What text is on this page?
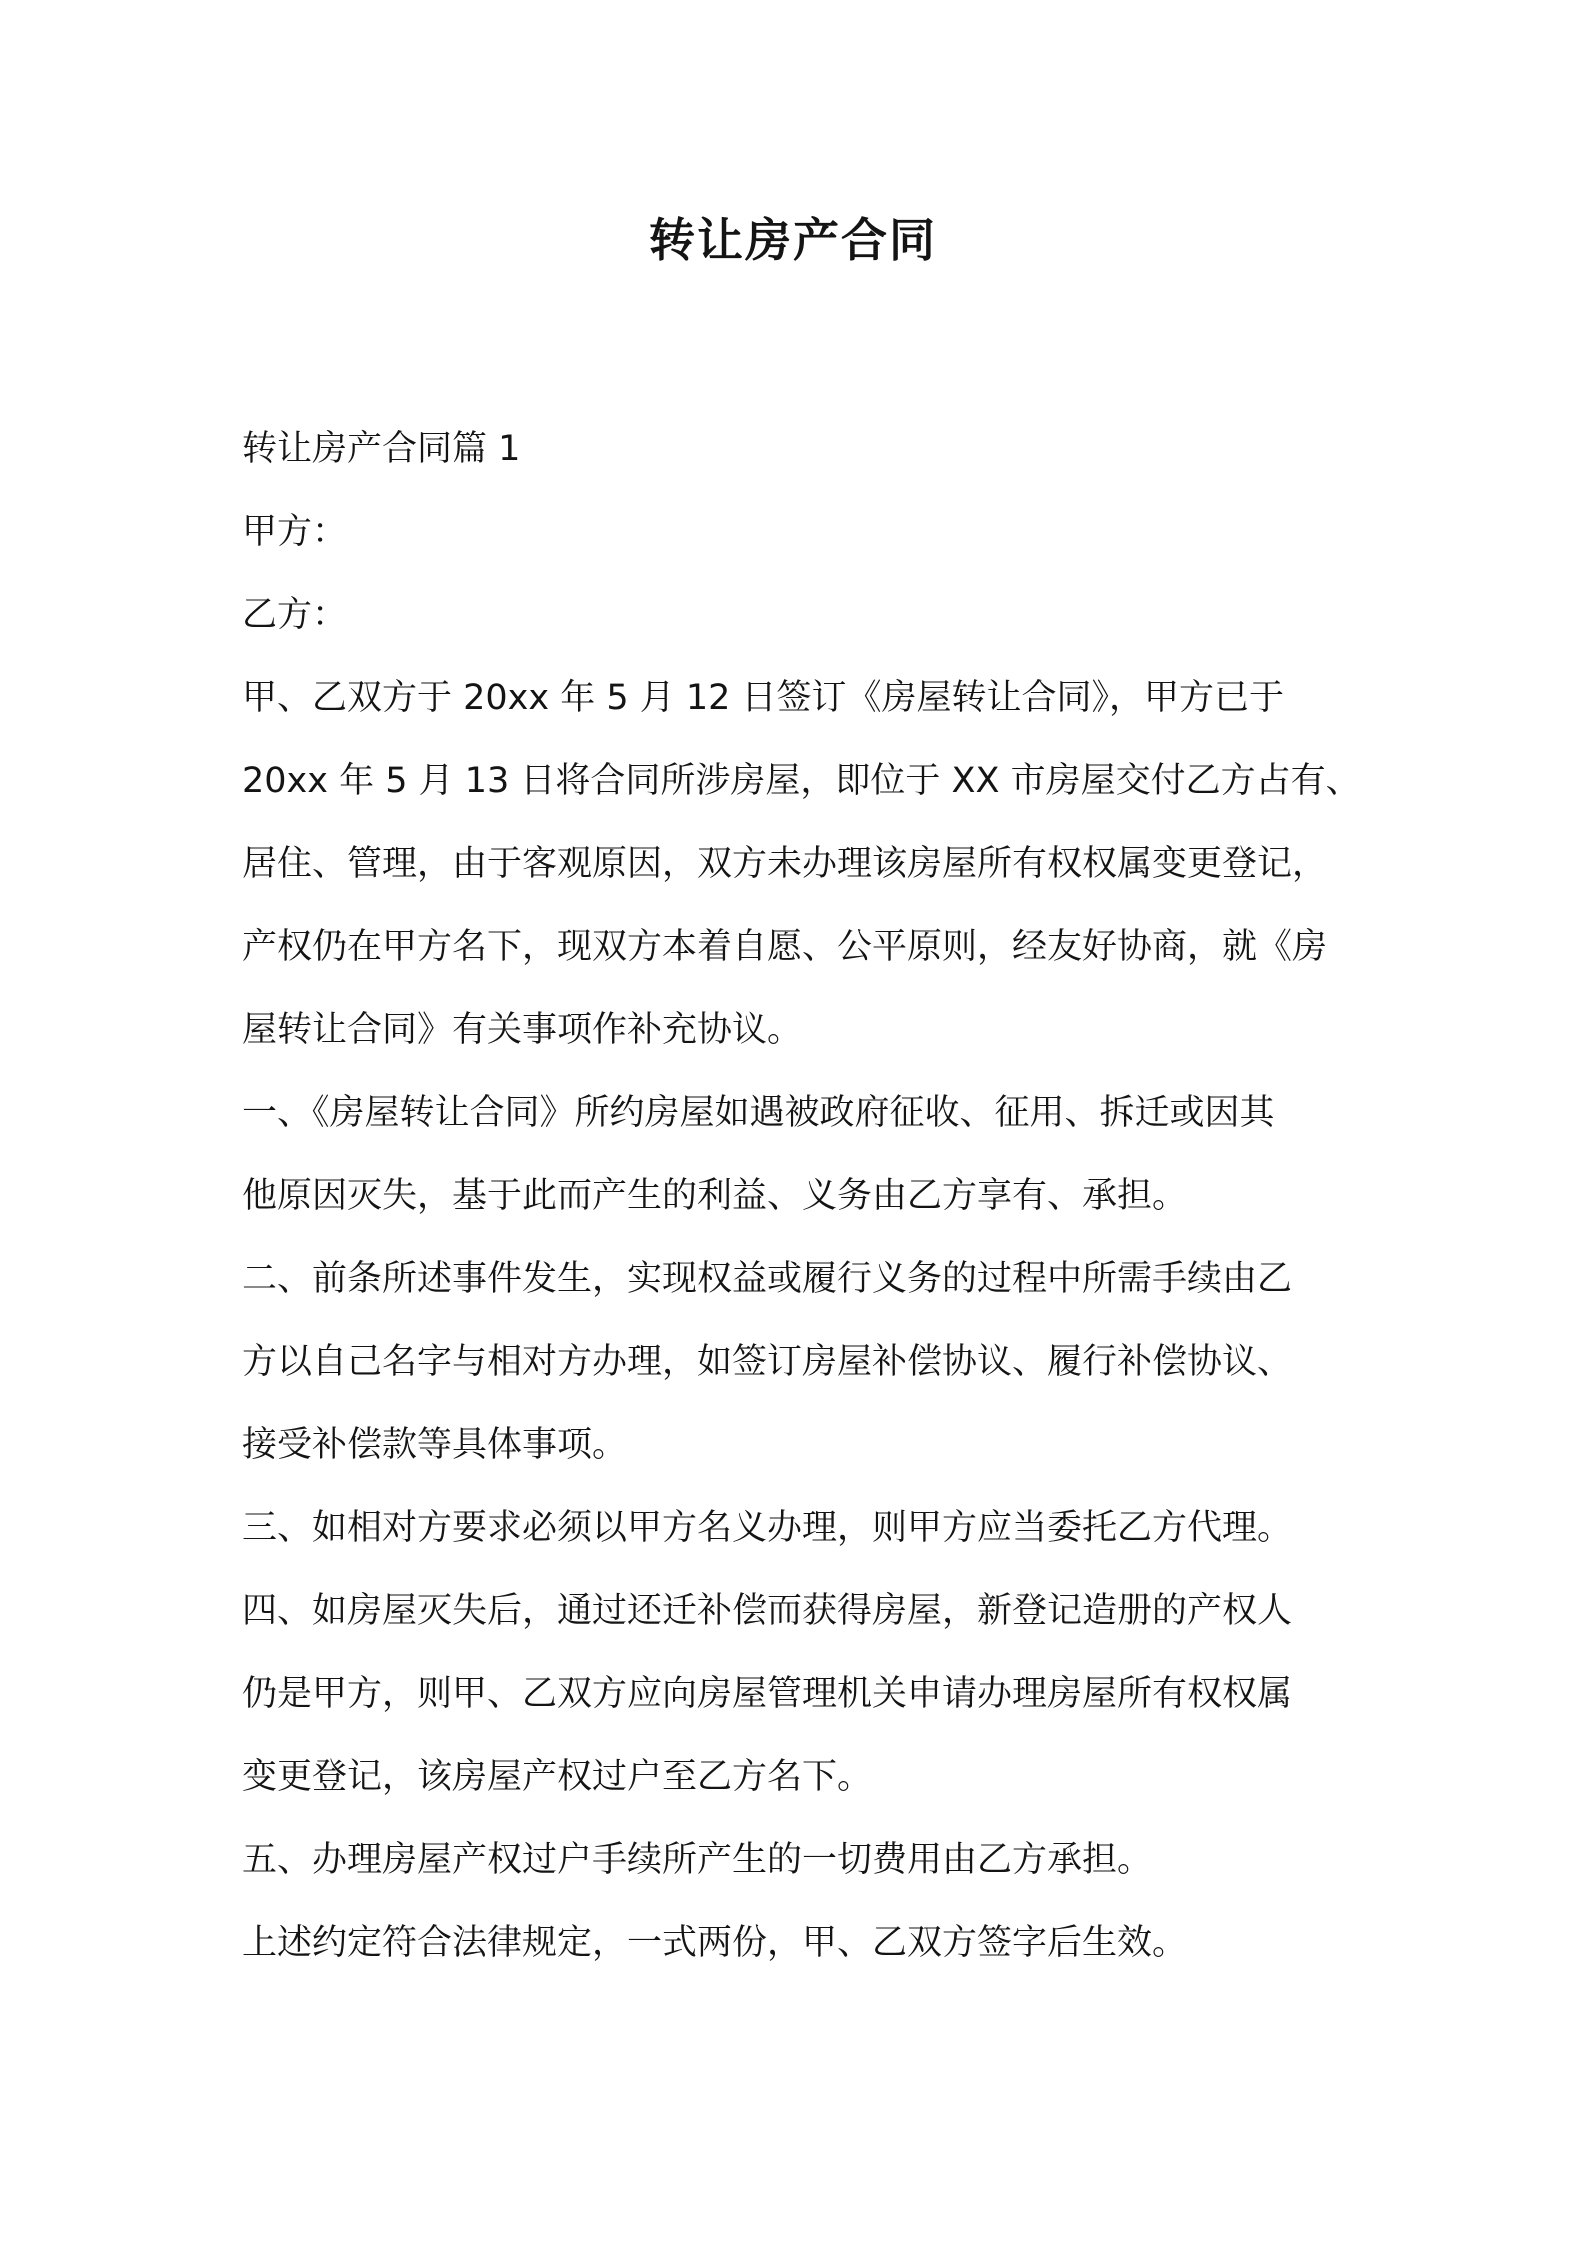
转让房产合同

转让房产合同篇 1

甲方：

乙方：

甲、乙双方于 20xx 年 5 月 12 日签订《房屋转让合同》，甲方已于

20xx 年 5 月 13 日将合同所涉房屋，即位于 XX 市房屋交付乙方占有、

居住、管理，由于客观原因，双方未办理该房屋所有权权属变更登记，

产权仍在甲方名下，现双方本着自愿、公平原则，经友好协商，就《房

屋转让合同》有关事项作补充协议。

一、《房屋转让合同》所约房屋如遇被政府征收、征用、拆迁或因其

他原因灭失，基于此而产生的利益、义务由乙方享有、承担。

二、前条所述事件发生，实现权益或履行义务的过程中所需手续由乙

方以自己名字与相对方办理，如签订房屋补偿协议、履行补偿协议、

接受补偿款等具体事项。

三、如相对方要求必须以甲方名义办理，则甲方应当委托乙方代理。

四、如房屋灭失后，通过还迁补偿而获得房屋，新登记造册的产权人

仍是甲方，则甲、乙双方应向房屋管理机关申请办理房屋所有权权属

变更登记，该房屋产权过户至乙方名下。

五、办理房屋产权过户手续所产生的一切费用由乙方承担。

上述约定符合法律规定，一式两份，甲、乙双方签字后生效。
